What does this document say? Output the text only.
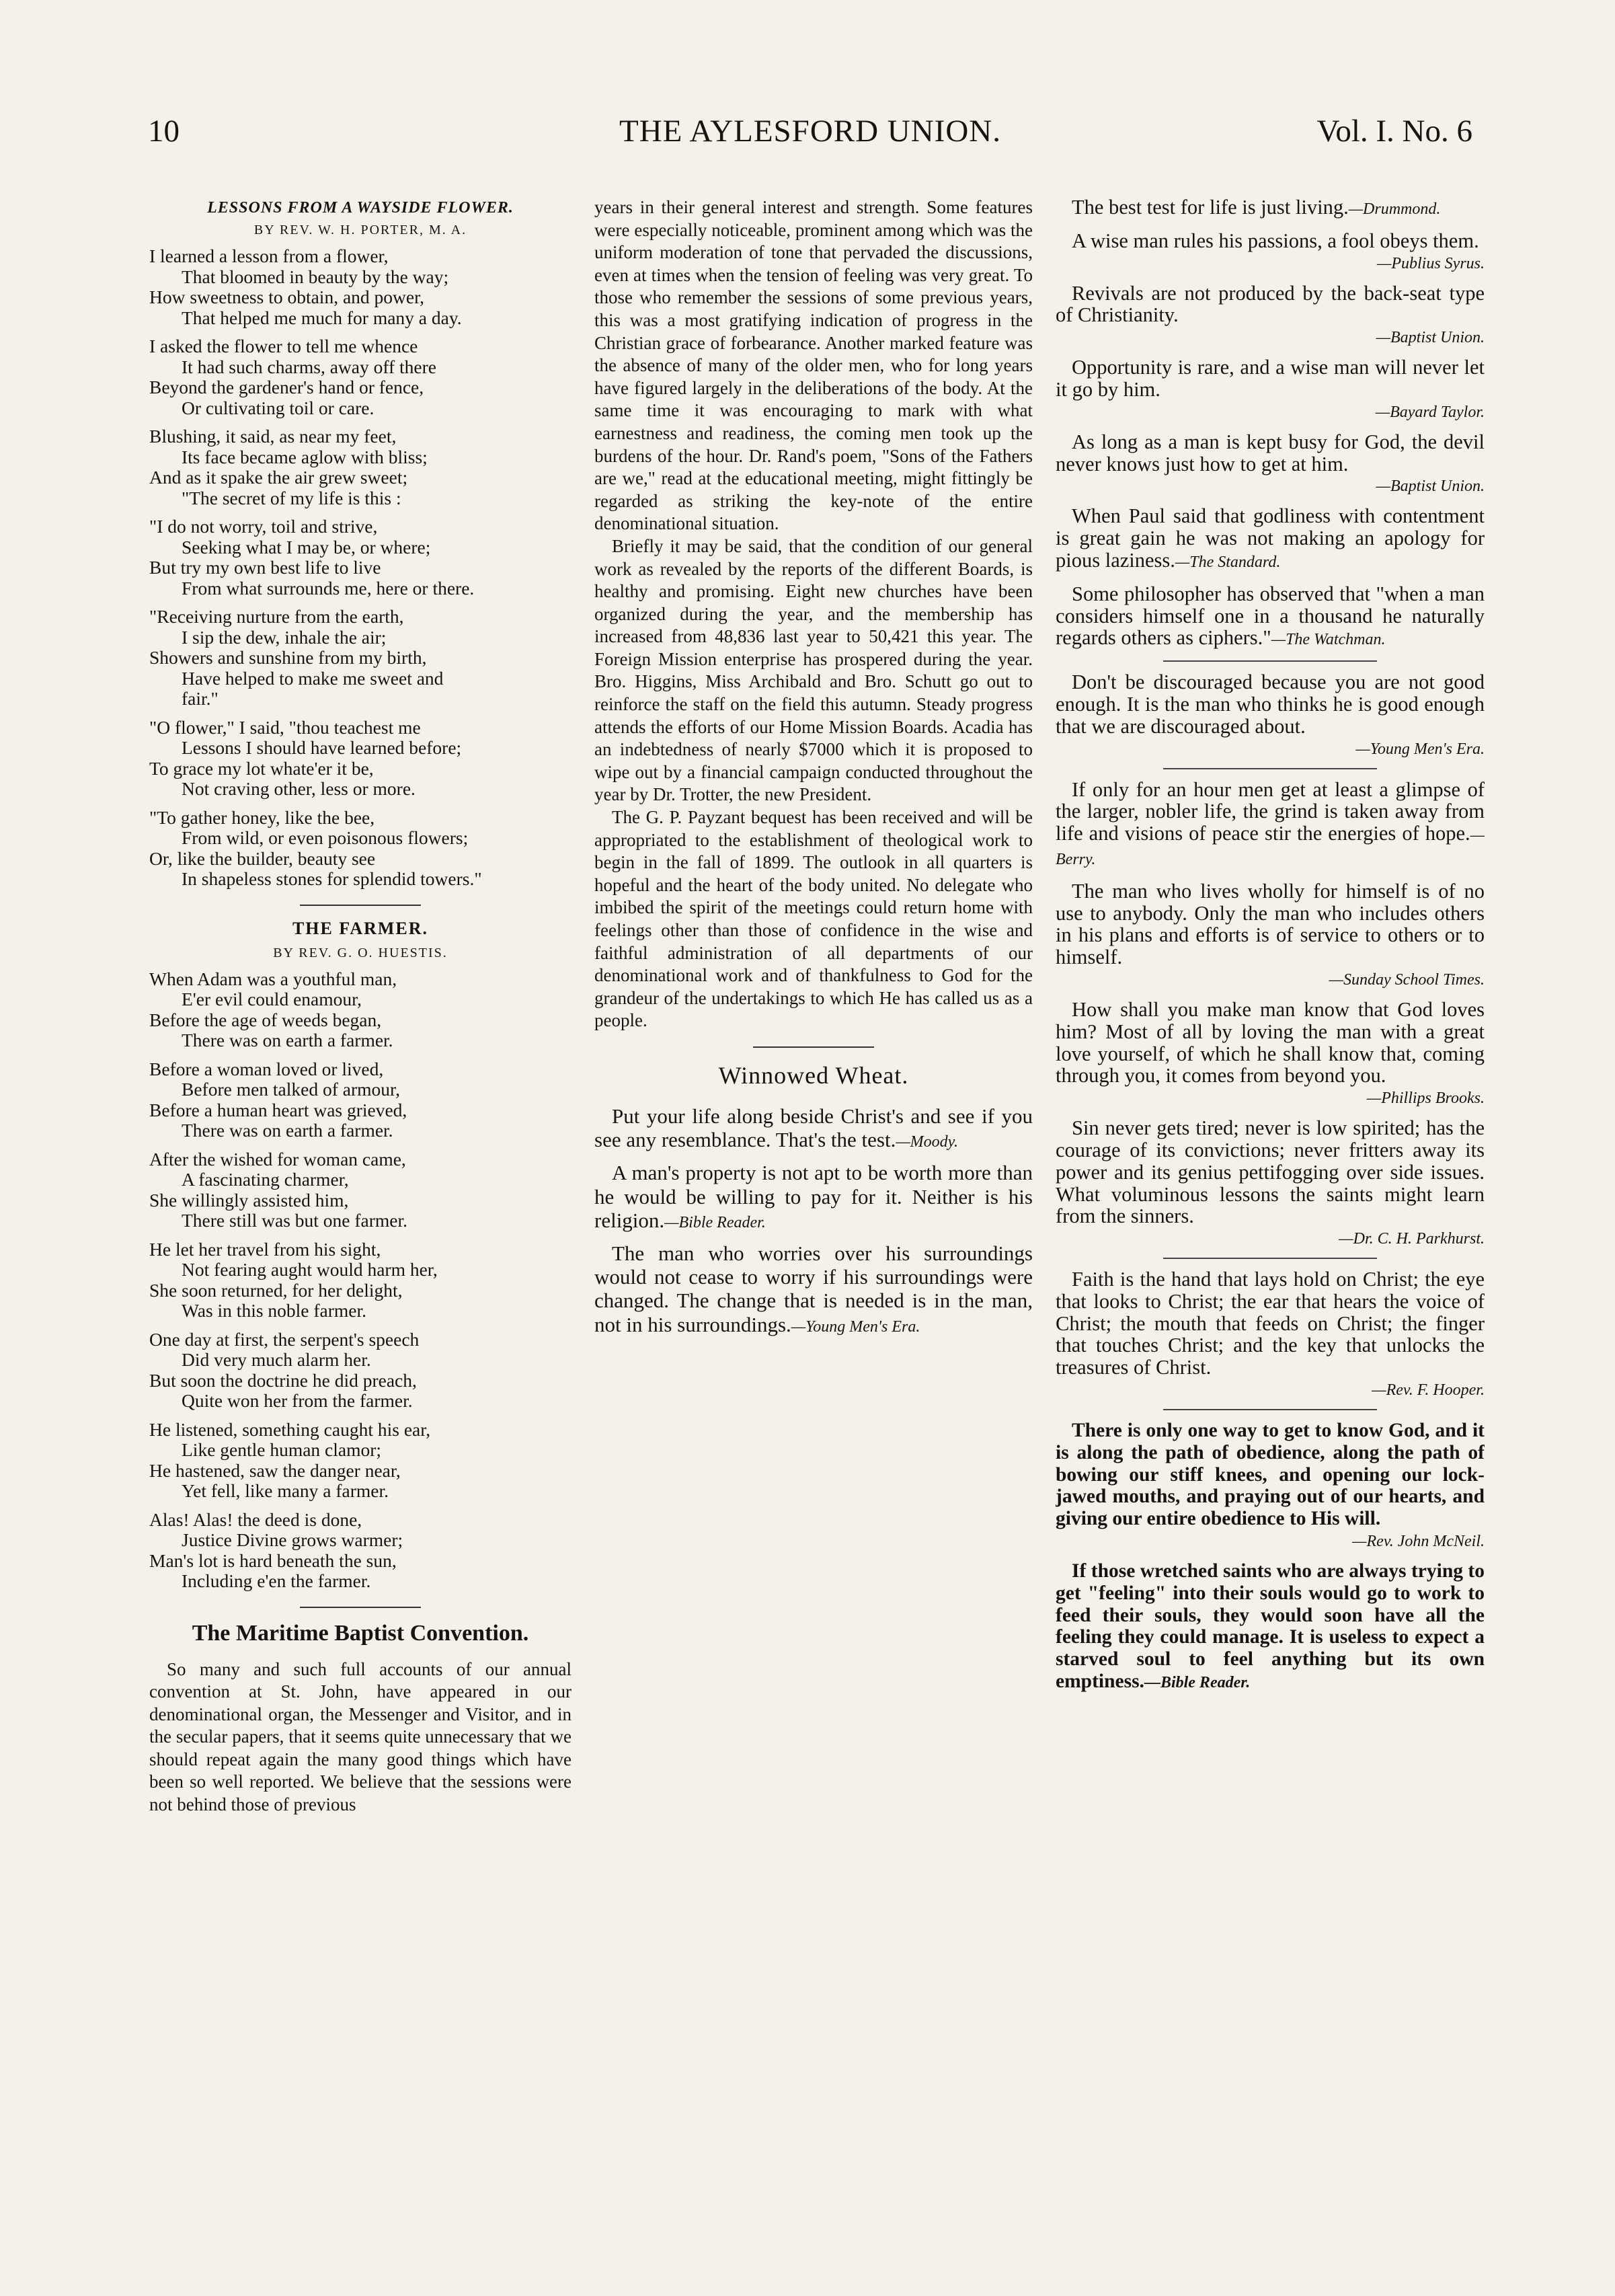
10	THE AYLESFORD UNION.	Vol. I. No. 6
LESSONS FROM A WAYSIDE FLOWER.
BY REV. W. H. PORTER, M. A.
I learned a lesson from a flower,
That bloomed in beauty by the way;
How sweetness to obtain, and power,
That helped me much for many a day.
I asked the flower to tell me whence
It had such charms, away off there
Beyond the gardener's hand or fence,
Or cultivating toil or care.
Blushing, it said, as near my feet,
Its face became aglow with bliss;
And as it spake the air grew sweet;
"The secret of my life is this :
"I do not worry, toil and strive,
Seeking what I may be, or where;
But try my own best life to live
From what surrounds me, here or there.
"Receiving nurture from the earth,
I sip the dew, inhale the air;
Showers and sunshine from my birth,
Have helped to make me sweet and
fair."
"O flower," I said, "thou teachest me
Lessons I should have learned before;
To grace my lot whate'er it be,
Not craving other, less or more.
"To gather honey, like the bee,
From wild, or even poisonous flowers;
Or, like the builder, beauty see
In shapeless stones for splendid towers."
THE FARMER.
BY REV. G. O. HUESTIS.
When Adam was a youthful man,
E'er evil could enamour,
Before the age of weeds began,
There was on earth a farmer.
Before a woman loved or lived,
Before men talked of armour,
Before a human heart was grieved,
There was on earth a farmer.
After the wished for woman came,
A fascinating charmer,
She willingly assisted him,
There still was but one farmer.
He let her travel from his sight,
Not fearing aught would harm her,
She soon returned, for her delight,
Was in this noble farmer.
One day at first, the serpent's speech
Did very much alarm her.
But soon the doctrine he did preach,
Quite won her from the farmer.
He listened, something caught his ear,
Like gentle human clamor;
He hastened, saw the danger near,
Yet fell, like many a farmer.
Alas! Alas! the deed is done,
Justice Divine grows warmer;
Man's lot is hard beneath the sun,
Including e'en the farmer.
The Maritime Baptist Convention.

So many and such full accounts of our annual convention at St. John, have appeared in our denominational organ, the Messenger and Visitor, and in the secular papers, that it seems quite unnecessary that we should repeat again the many good things which have been so well reported. We believe that the sessions were not behind those of previous

years in their general interest and strength. Some features were especially noticeable, prominent among which was the uniform moderation of tone that pervaded the discussions, even at times when the tension of feeling was very great. To those who remember the sessions of some previous years, this was a most gratifying indication of progress in the Christian grace of forbearance. Another marked feature was the absence of many of the older men, who for long years have figured largely in the deliberations of the body. At the same time it was encouraging to mark with what earnestness and readiness, the coming men took up the burdens of the hour. Dr. Rand's poem, "Sons of the Fathers are we," read at the educational meeting, might fittingly be regarded as striking the key-note of the entire denominational situation.

Briefly it may be said, that the condition of our general work as revealed by the reports of the different Boards, is healthy and promising. Eight new churches have been organized during the year, and the membership has increased from 48,836 last year to 50,421 this year. The Foreign Mission enterprise has prospered during the year. Bro. Higgins, Miss Archibald and Bro. Schutt go out to reinforce the staff on the field this autumn. Steady progress attends the efforts of our Home Mission Boards. Acadia has an indebtedness of nearly $7000 which it is proposed to wipe out by a financial campaign conducted throughout the year by Dr. Trotter, the new President.

The G. P. Payzant bequest has been received and will be appropriated to the establishment of theological work to begin in the fall of 1899. The outlook in all quarters is hopeful and the heart of the body united. No delegate who imbibed the spirit of the meetings could return home with feelings other than those of confidence in the wise and faithful administration of all departments of our denominational work and of thankfulness to God for the grandeur of the undertakings to which He has called us as a people.

Winnowed Wheat.

Put your life along beside Christ's and see if you see any resemblance. That's the test.—Moody.

A man's property is not apt to be worth more than he would be willing to pay for it. Neither is his religion.—Bible Reader.

The man who worries over his surroundings would not cease to worry if his surroundings were changed. The change that is needed is in the man, not in his surroundings.—Young Men's Era.

The best test for life is just living.—Drummond.

A wise man rules his passions, a fool obeys them.

—Publius Syrus.

Revivals are not produced by the back-seat type of Christianity.

—Baptist Union.

Opportunity is rare, and a wise man will never let it go by him.

—Bayard Taylor.

As long as a man is kept busy for God, the devil never knows just how to get at him.

—Baptist Union.

When Paul said that godliness with contentment is great gain he was not making an apology for pious laziness.—The Standard.

Some philosopher has observed that "when a man considers himself one in a thousand he naturally regards others as ciphers."—The Watchman.

Don't be discouraged because you are not good enough. It is the man who thinks he is good enough that we are discouraged about.

—Young Men's Era.

If only for an hour men get at least a glimpse of the larger, nobler life, the grind is taken away from life and visions of peace stir the energies of hope.—Berry.

The man who lives wholly for himself is of no use to anybody. Only the man who includes others in his plans and efforts is of service to others or to himself.

—Sunday School Times.

How shall you make man know that God loves him? Most of all by loving the man with a great love yourself, of which he shall know that, coming through you, it comes from beyond you.

—Phillips Brooks.

Sin never gets tired; never is low spirited; has the courage of its convictions; never fritters away its power and its genius pettifogging over side issues. What voluminous lessons the saints might learn from the sinners.

—Dr. C. H. Parkhurst.

Faith is the hand that lays hold on Christ; the eye that looks to Christ; the ear that hears the voice of Christ; the mouth that feeds on Christ; the finger that touches Christ; and the key that unlocks the treasures of Christ.

—Rev. F. Hooper.

There is only one way to get to know God, and it is along the path of obedience, along the path of bowing our stiff knees, and opening our lock-jawed mouths, and praying out of our hearts, and giving our entire obedience to His will.

—Rev. John McNeil.

If those wretched saints who are always trying to get "feeling" into their souls would go to work to feed their souls, they would soon have all the feeling they could manage. It is useless to expect a starved soul to feel anything but its own emptiness.—Bible Reader.
